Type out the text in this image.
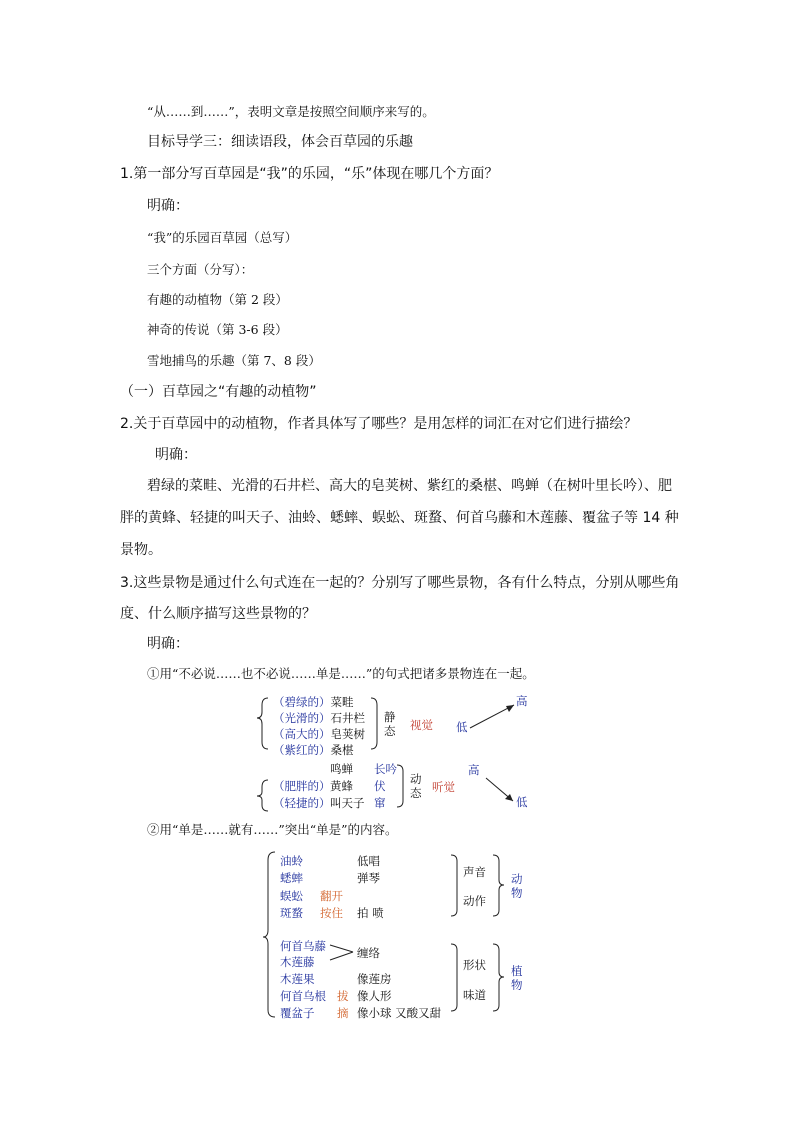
“从……到……”，表明文章是按照空间顺序来写的。
目标导学三：细读语段，体会百草园的乐趣
1.第一部分写百草园是“我”的乐园，“乐”体现在哪几个方面？
明确：
“我”的乐园百草园（总写）
三个方面（分写）：
有趣的动植物（第 2 段）
神奇的传说（第 3-6 段）
雪地捕鸟的乐趣（第 7、8 段）
（一）百草园之“有趣的动植物”
2.关于百草园中的动植物，作者具体写了哪些？是用怎样的词汇在对它们进行描绘？
明确：
碧绿的菜畦、光滑的石井栏、高大的皂荚树、紫红的桑椹、鸣蝉（在树叶里长吟）、肥
胖的黄蜂、轻捷的叫天子、油蛉、蟋蟀、蜈蚣、斑蝥、何首乌藤和木莲藤、覆盆子等 14 种
景物。
3.这些景物是通过什么句式连在一起的？分别写了哪些景物，各有什么特点，分别从哪些角
度、什么顺序描写这些景物的？
明确：
①用“不必说……也不必说……单是……”的句式把诸多景物连在一起。
（碧绿的）菜畦
（光滑的）石井栏
（高大的）皂荚树
（紫红的）桑椹
静态 视觉 低
高
鸣蝉 长吟
（肥胖的）黄蜂 伏
（轻捷的）叫天子 窜
动态 听觉
高
低
②用“单是……就有……”突出“单是”的内容。
油蛉	低唱
蟋蟀	弹琴
蜈蚣 翻开
斑蝥 按住 拍 喷
声音
动作
动物
何首乌藤
木莲藤
缠络
木莲果	像莲房
何首乌根 拔 像人形
覆盆子 摘 像小球 又酸又甜
形状
味道
植物
